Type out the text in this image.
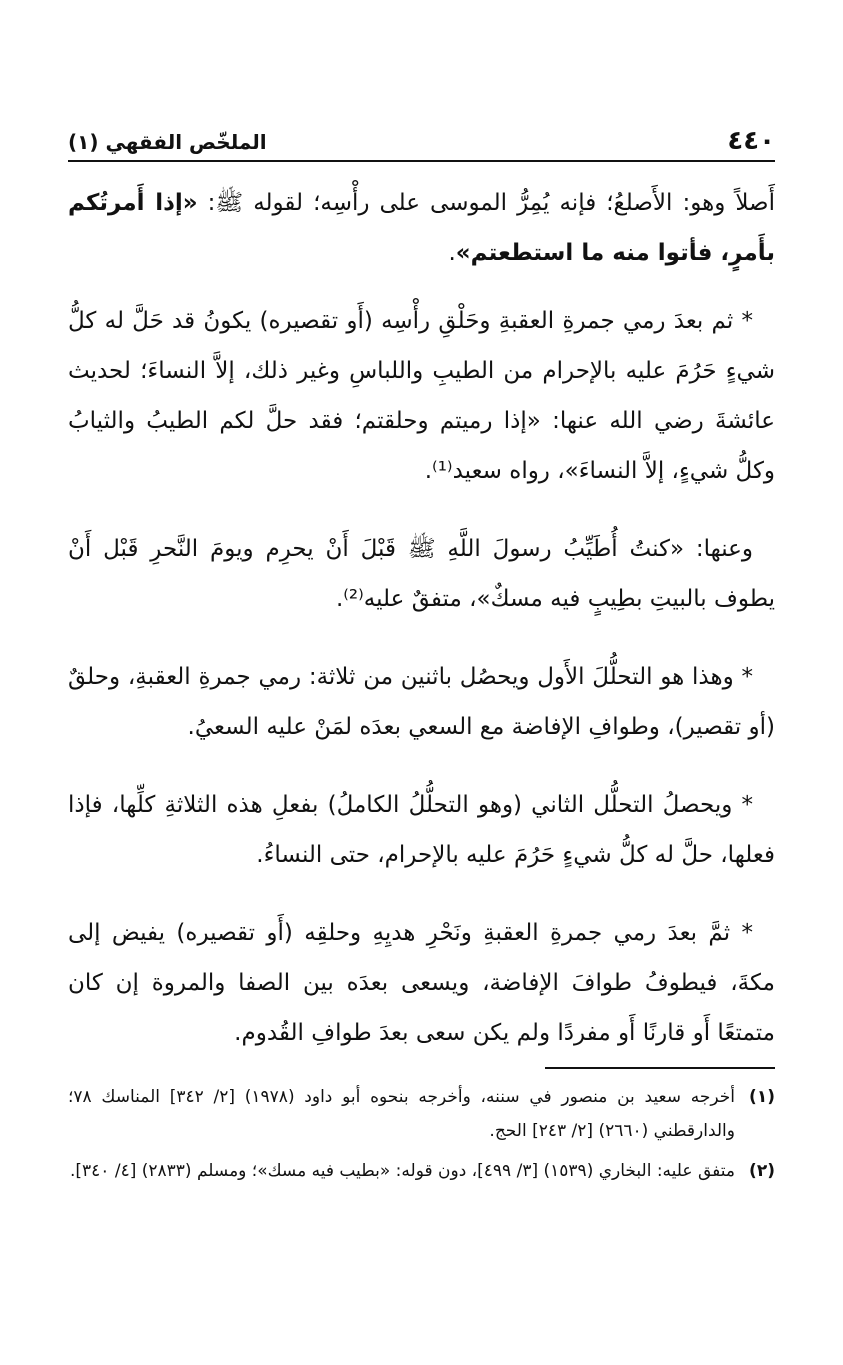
الملخّص الفقهي (١)	٤٤٠

أَصلاً وهو: الأَصلعُ؛ فإنه يُمِرُّ الموسى على رأْسِه؛ لقوله ﷺ: «إذا أَمرتُكم بأَمرٍ، فأتوا منه ما استطعتم».

* ثم بعدَ رمي جمرةِ العقبةِ وحَلْقِ رأْسِه (أَو تقصيره) يكونُ قد حَلَّ له كلُّ شيءٍ حَرُمَ عليه بالإحرام من الطيبِ واللباسِ وغير ذلك، إلاَّ النساءَ؛ لحديث عائشةَ رضي الله عنها: «إذا رميتم وحلقتم؛ فقد حلَّ لكم الطيبُ والثيابُ وكلُّ شيءٍ، إلاَّ النساءَ»، رواه سعيد⁽¹⁾.

وعنها: «كنتُ أُطَيِّبُ رسولَ اللَّهِ ﷺ قَبْلَ أَنْ يحرِم ويومَ النَّحرِ قَبْل أَنْ يطوف بالبيتِ بطِيبٍ فيه مسكٌ»، متفقٌ عليه⁽²⁾.

* وهذا هو التحلُّلَ الأَول ويحصُل باثنين من ثلاثة: رمي جمرةِ العقبةِ، وحلقٌ (أو تقصير)، وطوافِ الإفاضة مع السعي بعدَه لمَنْ عليه السعيُ.

* ويحصلُ التحلُّل الثاني (وهو التحلُّلُ الكاملُ) بفعلِ هذه الثلاثةِ كلِّها، فإذا فعلها، حلَّ له كلُّ شيءٍ حَرُمَ عليه بالإحرام، حتى النساءُ.

* ثمَّ بعدَ رمي جمرةِ العقبةِ ونَحْرِ هديِهِ وحلقِه (أَو تقصيره) يفيض إلى مكةَ، فيطوفُ طوافَ الإفاضة، ويسعى بعدَه بين الصفا والمروة إن كان متمتعًا أَو قارنًا أَو مفردًا ولم يكن سعى بعدَ طوافِ القُدوم.

(١)
أخرجه سعيد بن منصور في سننه، وأخرجه بنحوه أبو داود (١٩٧٨) [٢/ ٣٤٢] المناسك ٧٨؛ والدارقطني (٢٦٦٠) [٢/ ٢٤٣] الحج.
(٢)
متفق عليه: البخاري (١٥٣٩) [٣/ ٤٩٩]، دون قوله: «بطيب فيه مسك»؛ ومسلم (٢٨٣٣) [٤/ ٣٤٠].
